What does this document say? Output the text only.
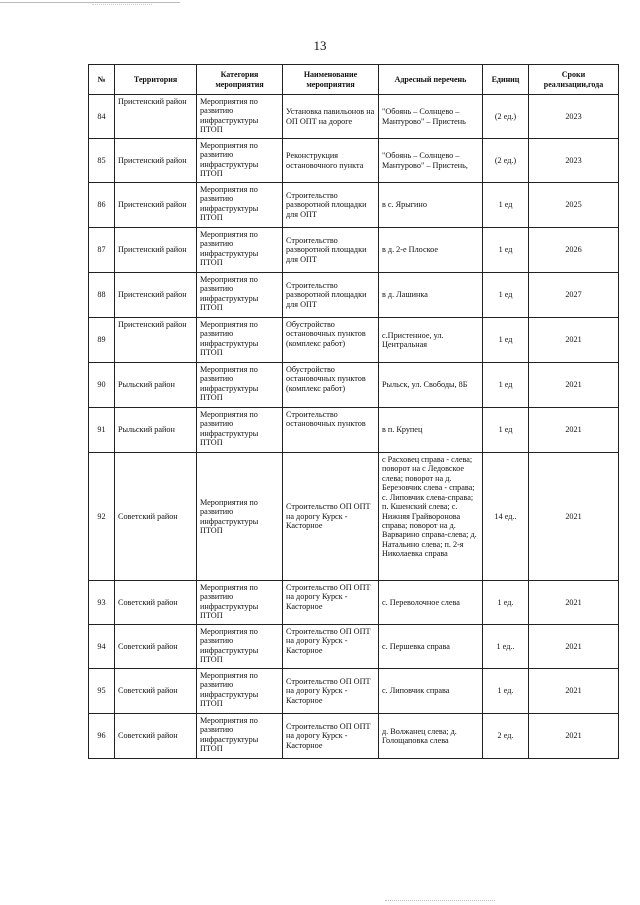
13
№	Территория	Категория мероприятия	Наименование мероприятия	Адресный перечень	Единиц	Сроки реализации,года
84	Пристенский район	Мероприятия по развитию инфраструктуры ПТОП	Установка павильонов на ОП ОПТ на дороге	"Обоянь – Солнцево – Мантурово" – Пристень	(2 ед.)	2023
85	Пристенский район	Мероприятия по развитию инфраструктуры ПТОП	Реконструкция остановочного пункта	"Обоянь – Солнцево – Мантурово" – Пристень,	(2 ед.)	2023
86	Пристенский район	Мероприятия по развитию инфраструктуры ПТОП	Строительство разворотной площадки для ОПТ	в с. Ярыгино	1 ед	2025
87	Пристенский район	Мероприятия по развитию инфраструктуры ПТОП	Строительство разворотной площадки для ОПТ	в д. 2-е Плоское	1 ед	2026
88	Пристенский район	Мероприятия по развитию инфраструктуры ПТОП	Строительство разворотной площадки для ОПТ	в д. Лашинка	1 ед	2027
89	Пристенский район	Мероприятия по развитию инфраструктуры ПТОП	Обустройство остановочных пунктов (комплекс работ)	с.Пристенное, ул. Центральная	1 ед	2021
90	Рыльский район	Мероприятия по развитию инфраструктуры ПТОП	Обустройство остановочных пунктов (комплекс работ)	Рыльск, ул. Свободы, 8Б	1 ед	2021
91	Рыльский район	Мероприятия по развитию инфраструктуры ПТОП	Строительство остановочных пунктов	в п. Крупец	1 ед	2021
92	Советский район	Мероприятия по развитию инфраструктуры ПТОП	Строительство ОП ОПТ на дорогу Курск - Касторное	с Расховец справа - слева; поворот на с Ледовское слева; поворот на д. Березовчик слева - справа; с. Липовчик слева-справа; п. Кшенский слева; с. Нижняя Грайворонова справа; поворот на д. Варварино справа-слева; д. Натальино слева; п. 2-я Николаевка справа	14 ед..	2021
93	Советский район	Мероприятия по развитию инфраструктуры ПТОП	Строительство ОП ОПТ на дорогу Курск - Касторное	с. Переволочное слева	1 ед.	2021
94	Советский район	Мероприятия по развитию инфраструктуры ПТОП	Строительство ОП ОПТ на дорогу Курск - Касторное	с. Першевка справа	1 ед..	2021
95	Советский район	Мероприятия по развитию инфраструктуры ПТОП	Строительство ОП ОПТ на дорогу Курск - Касторное	с. Липовчик справа	1 ед.	2021
96	Советский район	Мероприятия по развитию инфраструктуры ПТОП	Строительство ОП ОПТ на дорогу Курск - Касторное	д. Волжанец слева; д. Голощаповка слева	2 ед.	2021
